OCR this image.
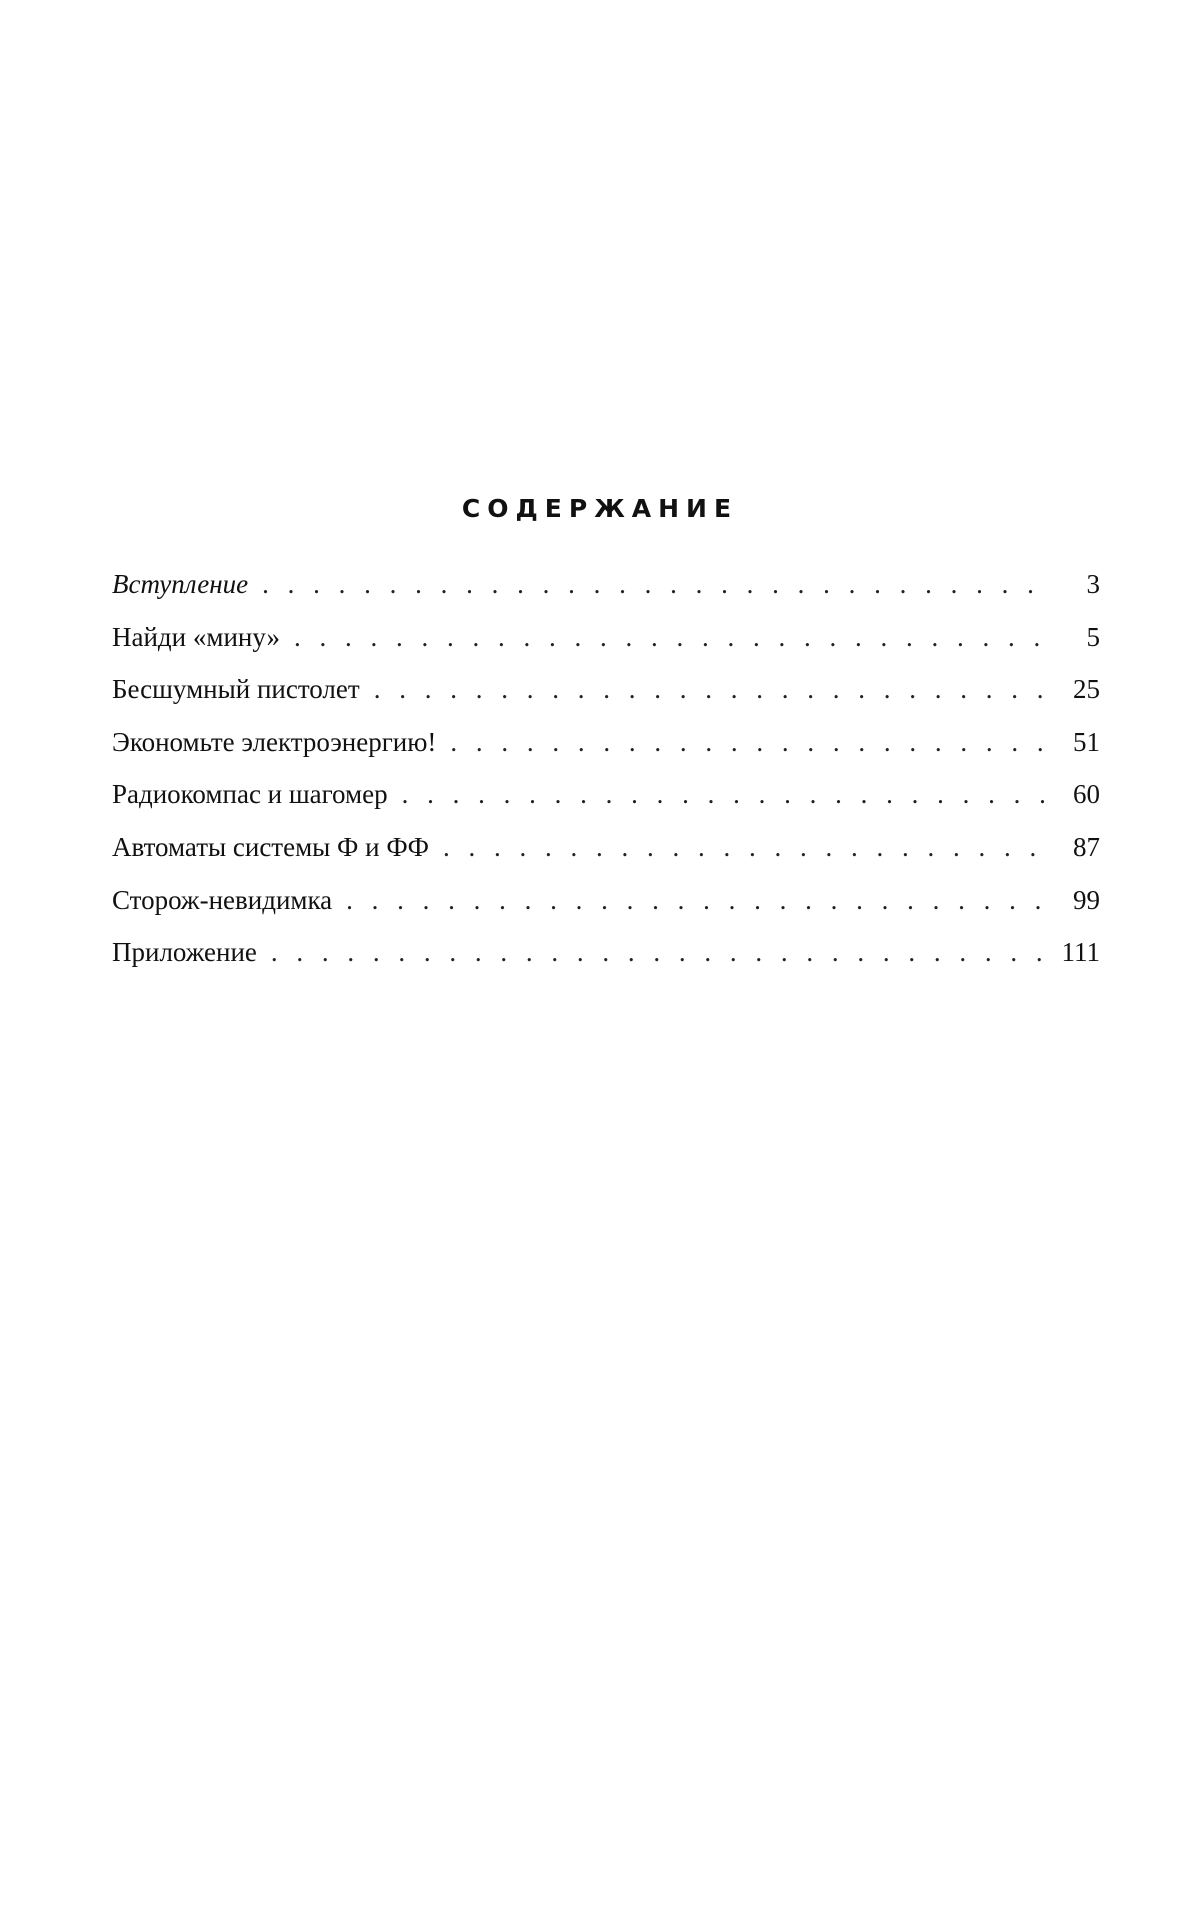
СОДЕРЖАНИЕ
Вступление . . .	3
Найди «мину» . . .	5
Бесшумный пистолет . . .	25
Экономьте электроэнергию! . . .	51
Радиокомпас и шагомер . . .	60
Автоматы системы Ф и ФФ . . .	87
Сторож-невидимка . . .	99
Приложение . . .	111
